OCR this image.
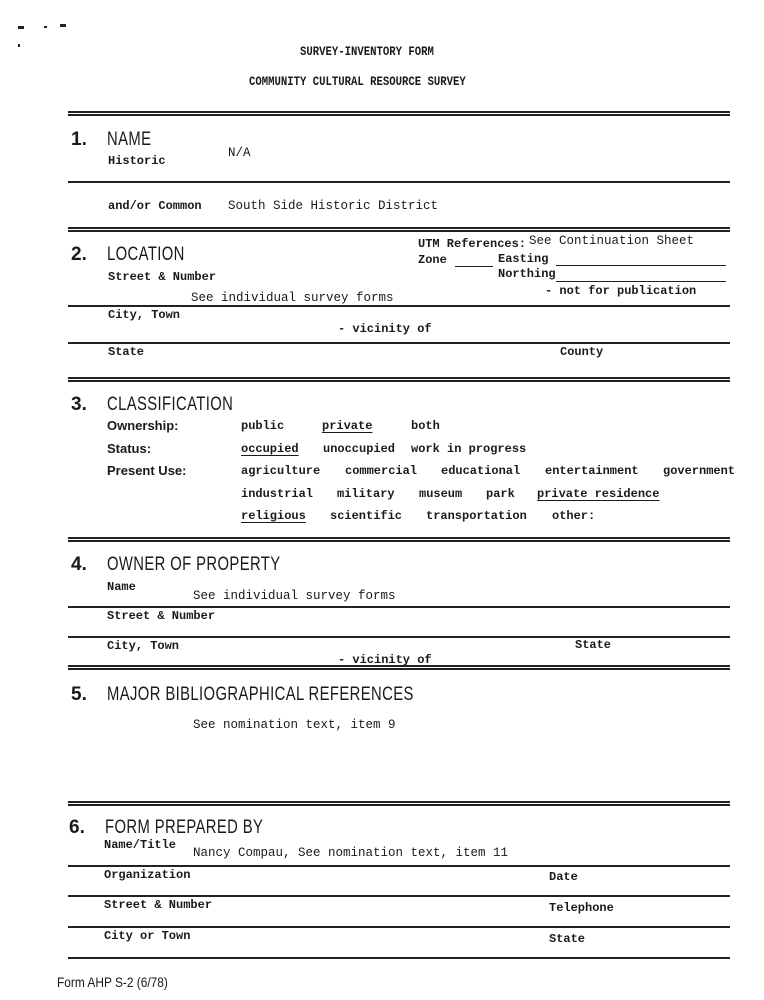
SURVEY-INVENTORY FORM
COMMUNITY CULTURAL RESOURCE SURVEY
1. NAME
Historic
N/A
and/or Common South Side Historic District
2. LOCATION	UTM References: See Continuation Sheet
Zone	Easting
Northing
Street & Number
See individual survey forms	- not for publication
City, Town
- vicinity of
State	County
3. CLASSIFICATION
Ownership:	public	private	both
Status:	occupied unoccupied work in progress
Present Use:	agriculture commercial educational entertainment government
industrial military museum park private residence
religious scientific transportation other:
4. OWNER OF PROPERTY
Name
See individual survey forms
Street & Number
City, Town	State
- vicinity of
5. MAJOR BIBLIOGRAPHICAL REFERENCES
See nomination text, item 9
6. FORM PREPARED BY
Name/Title
Nancy Compau, See nomination text, item 11
Organization	Date
Street & Number	Telephone
City or Town	State
Form AHP S-2 (6/78)
